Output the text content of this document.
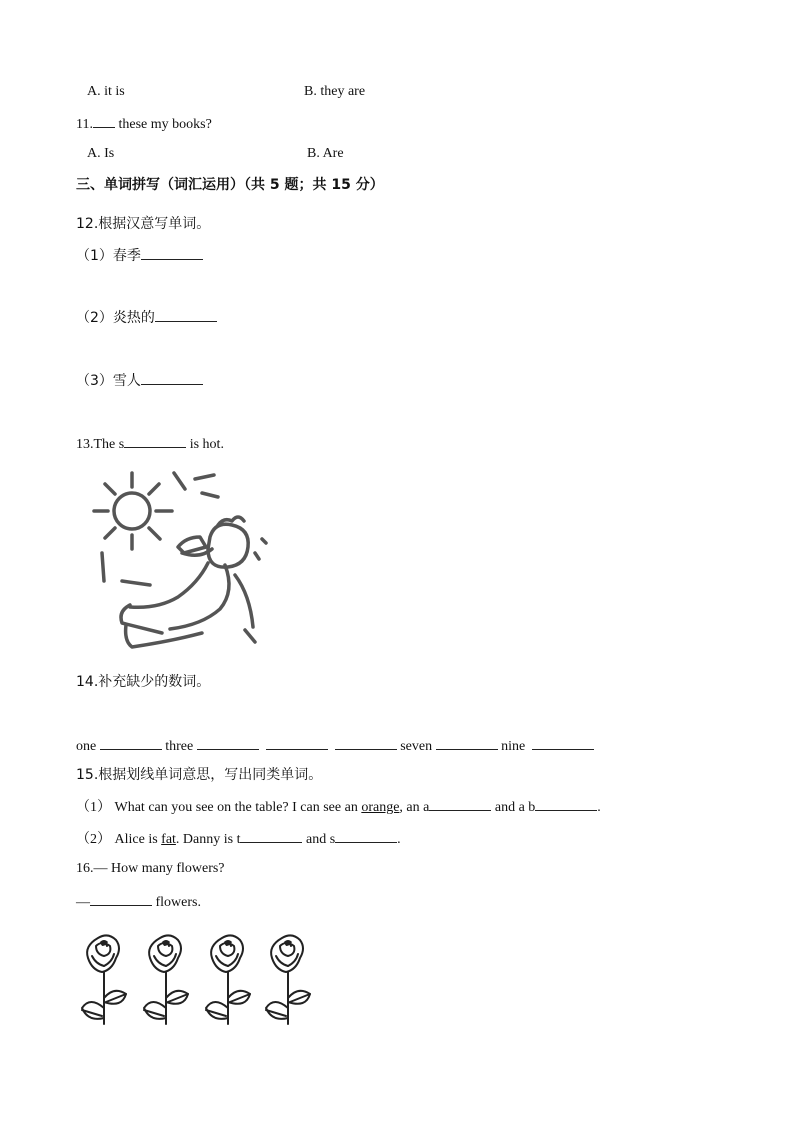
A. it is	B. they are
11. these my books?
A. Is	B. Are
三、单词拼写（词汇运用）（共 5 题；共 15 分）
12.根据汉意写单词。
（1）春季
（2）炎热的
（3）雪人
13.The s	is hot.
14.补充缺少的数词。
one	three	seven	nine
15.根据划线单词意思，写出同类单词。
（1） What can you see on the table? I can see an orange, an a	and a b	.
（2） Alice is fat. Danny is t	and s	.
16.— How many flowers?
—	flowers.
